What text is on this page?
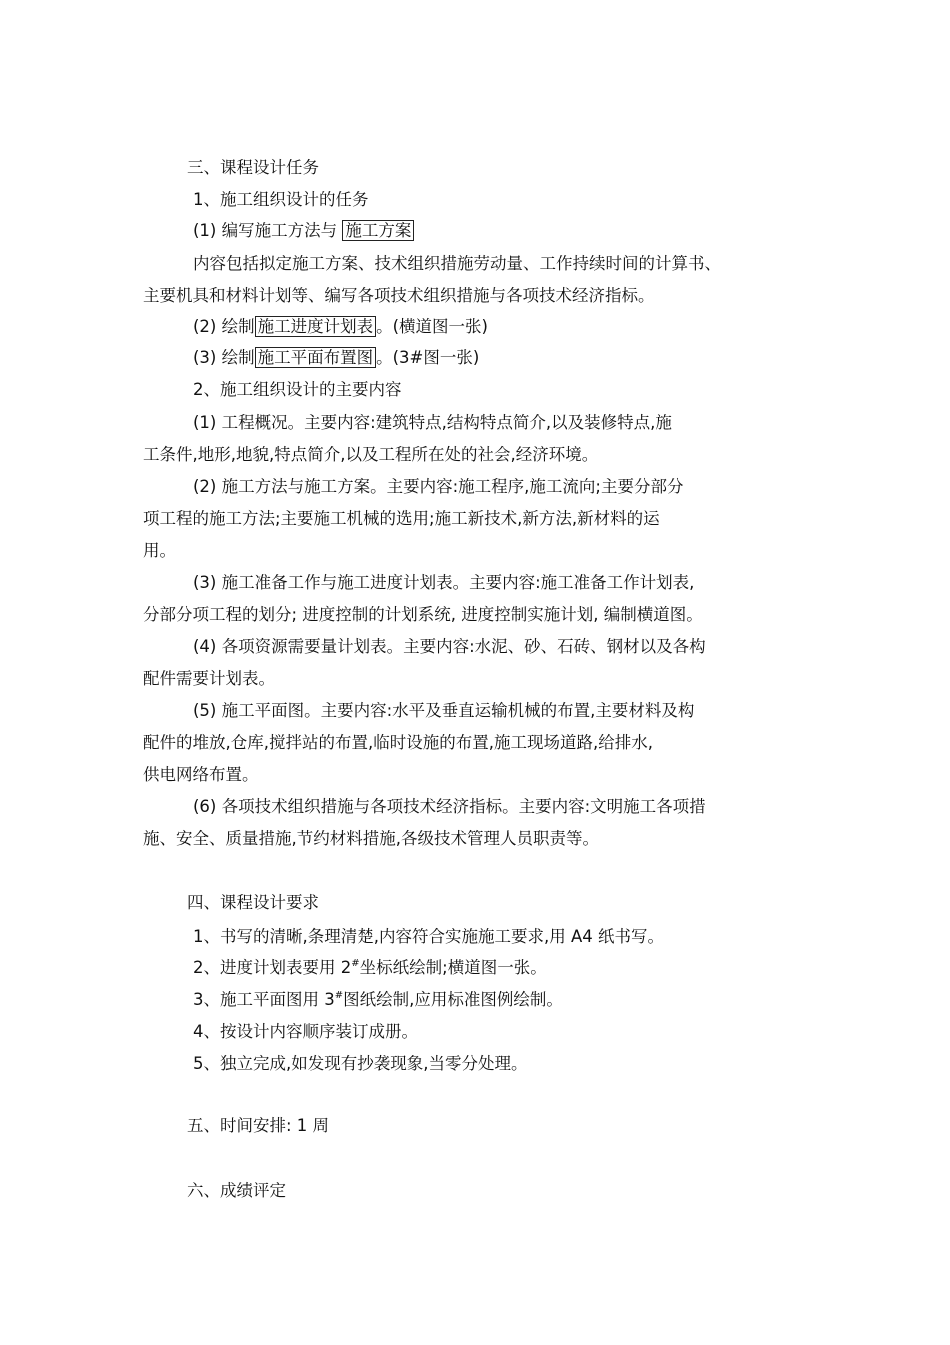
三、课程设计任务
1、施工组织设计的任务
(1) 编写施工方法与 施工方案
内容包括拟定施工方案、技术组织措施劳动量、工作持续时间的计算书、
主要机具和材料计划等、编写各项技术组织措施与各项技术经济指标。
(2) 绘制 施工进度计划表 。(横道图一张)
(3) 绘制 施工平面布置图 。(3#图一张)
2、施工组织设计的主要内容
(1) 工程概况。主要内容:建筑特点,结构特点简介,以及装修特点,施
工条件,地形,地貌,特点简介,以及工程所在处的社会,经济环境。
(2) 施工方法与施工方案。主要内容:施工程序,施工流向;主要分部分
项工程的施工方法;主要施工机械的选用;施工新技术,新方法,新材料的运
用。
(3) 施工准备工作与施工进度计划表。主要内容:施工准备工作计划表,
分部分项工程的划分; 进度控制的计划系统, 进度控制实施计划, 编制横道图。
(4) 各项资源需要量计划表。主要内容:水泥、砂、石砖、钢材以及各构
配件需要计划表。
(5) 施工平面图。主要内容:水平及垂直运输机械的布置,主要材料及构
配件的堆放,仓库,搅拌站的布置,临时设施的布置,施工现场道路,给排水,
供电网络布置。
(6) 各项技术组织措施与各项技术经济指标。主要内容:文明施工各项措
施、安全、质量措施,节约材料措施,各级技术管理人员职责等。
四、课程设计要求
1、书写的清晰,条理清楚,内容符合实施施工要求,用 A4 纸书写。
2、进度计划表要用 2#坐标纸绘制;横道图一张。
3、施工平面图用 3#图纸绘制,应用标准图例绘制。
4、按设计内容顺序装订成册。
5、独立完成,如发现有抄袭现象,当零分处理。
五、时间安排: 1 周
六、成绩评定
